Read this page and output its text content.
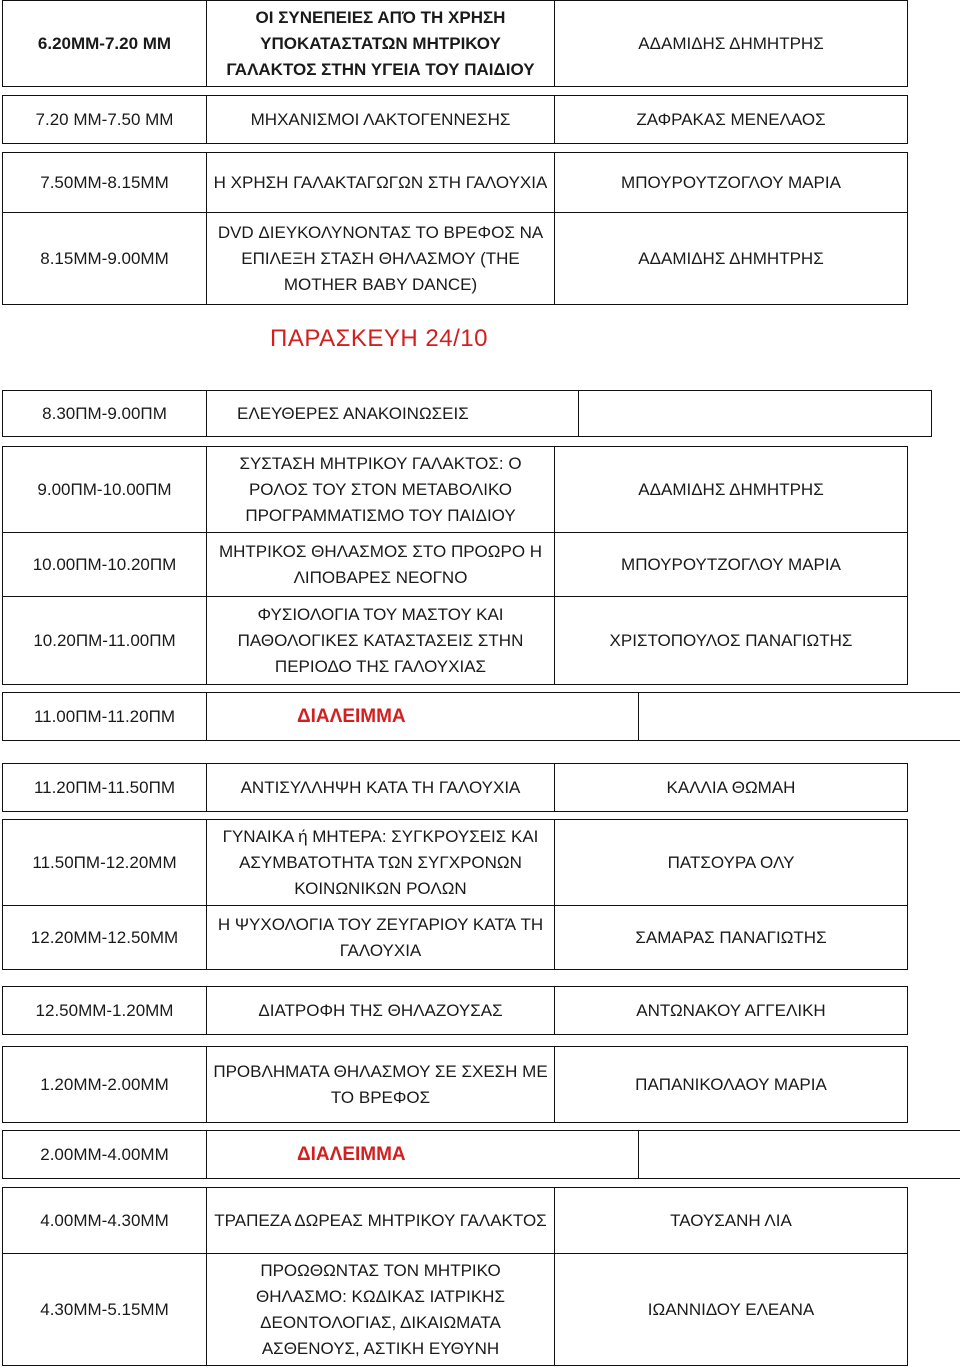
6.20ΜΜ-7.20 ΜΜ	ΟΙ ΣΥΝΕΠΕΙΕΣ ΑΠΌ ΤΗ ΧΡΗΣΗ ΥΠΟΚΑΤΑΣΤΑΤΩΝ ΜΗΤΡΙΚΟΥ ΓΑΛΑΚΤΟΣ ΣΤΗΝ ΥΓΕΙΑ ΤΟΥ ΠΑΙΔΙΟΥ	ΑΔΑΜΙΔΗΣ ΔΗΜΗΤΡΗΣ
7.20 ΜΜ-7.50 ΜΜ	ΜΗΧΑΝΙΣΜΟΙ ΛΑΚΤΟΓΕΝΝΕΣΗΣ	ΖΑΦΡΑΚΑΣ ΜΕΝΕΛΑΟΣ
7.50ΜΜ-8.15ΜΜ	Η ΧΡΗΣΗ ΓΑΛΑΚΤΑΓΩΓΩΝ ΣΤΗ ΓΑΛΟΥΧΙΑ	ΜΠΟΥΡΟΥΤΖΟΓΛΟΥ ΜΑΡΙΑ
8.15ΜΜ-9.00ΜΜ	DVD ΔΙΕΥΚΟΛΥΝΟΝΤΑΣ ΤΟ ΒΡΕΦΟΣ ΝΑ ΕΠΙΛΕΞΗ ΣΤΑΣΗ ΘΗΛΑΣΜΟΥ (THE MOTHER BABY DANCE)	ΑΔΑΜΙΔΗΣ ΔΗΜΗΤΡΗΣ
ΠΑΡΑΣΚΕΥΗ 24/10
8.30ΠΜ-9.00ΠΜ	ΕΛΕΥΘΕΡΕΣ ΑΝΑΚΟΙΝΩΣΕΙΣ	
9.00ΠΜ-10.00ΠΜ	ΣΥΣΤΑΣΗ ΜΗΤΡΙΚΟΥ ΓΑΛΑΚΤΟΣ: Ο ΡΟΛΟΣ ΤΟΥ ΣΤΟΝ ΜΕΤΑΒΟΛΙΚΟ ΠΡΟΓΡΑΜΜΑΤΙΣΜΟ ΤΟΥ ΠΑΙΔΙΟΥ	ΑΔΑΜΙΔΗΣ ΔΗΜΗΤΡΗΣ
10.00ΠΜ-10.20ΠΜ	ΜΗΤΡΙΚΟΣ ΘΗΛΑΣΜΟΣ ΣΤΟ ΠΡΟΩΡΟ Η ΛΙΠΟΒΑΡΕΣ ΝΕΟΓΝΟ	ΜΠΟΥΡΟΥΤΖΟΓΛΟΥ ΜΑΡΙΑ
10.20ΠΜ-11.00ΠΜ	ΦΥΣΙΟΛΟΓΙΑ ΤΟΥ ΜΑΣΤΟΥ ΚΑΙ ΠΑΘΟΛΟΓΙΚΕΣ ΚΑΤΑΣΤΑΣΕΙΣ ΣΤΗΝ ΠΕΡΙΟΔΟ ΤΗΣ ΓΑΛΟΥΧΙΑΣ	ΧΡΙΣΤΟΠΟΥΛΟΣ ΠΑΝΑΓΙΩΤΗΣ
11.00ΠΜ-11.20ΠΜ	ΔΙΑΛΕΙΜΜΑ	
11.20ΠΜ-11.50ΠΜ	ΑΝΤΙΣΥΛΛΗΨΗ ΚΑΤΑ ΤΗ ΓΑΛΟΥΧΙΑ	ΚΑΛΛΙΑ ΘΩΜΑΗ
11.50ΠΜ-12.20ΜΜ	ΓΥΝΑΙΚΑ ή ΜΗΤΕΡΑ: ΣΥΓΚΡΟΥΣΕΙΣ ΚΑΙ ΑΣΥΜΒΑΤΟΤΗΤΑ ΤΩΝ ΣΥΓΧΡΟΝΩΝ ΚΟΙΝΩΝΙΚΩΝ ΡΟΛΩΝ	ΠΑΤΣΟΥΡΑ ΟΛΥ
12.20ΜΜ-12.50ΜΜ	Η ΨΥΧΟΛΟΓΙΑ ΤΟΥ ΖΕΥΓΑΡΙΟΥ ΚΑΤΆ ΤΗ ΓΑΛΟΥΧΙΑ	ΣΑΜΑΡΑΣ ΠΑΝΑΓΙΩΤΗΣ
12.50ΜΜ-1.20ΜΜ	ΔΙΑΤΡΟΦΗ ΤΗΣ ΘΗΛΑΖΟΥΣΑΣ	ΑΝΤΩΝΑΚΟΥ ΑΓΓΕΛΙΚΗ
1.20ΜΜ-2.00ΜΜ	ΠΡΟΒΛΗΜΑΤΑ ΘΗΛΑΣΜΟΥ ΣΕ ΣΧΕΣΗ ΜΕ ΤΟ ΒΡΕΦΟΣ	ΠΑΠΑΝΙΚΟΛΑΟΥ ΜΑΡΙΑ
2.00ΜΜ-4.00ΜΜ	ΔΙΑΛΕΙΜΜΑ	
4.00ΜΜ-4.30ΜΜ	ΤΡΑΠΕΖΑ ΔΩΡΕΑΣ ΜΗΤΡΙΚΟΥ ΓΑΛΑΚΤΟΣ	ΤΑΟΥΣΑΝΗ ΛΙΑ
4.30ΜΜ-5.15ΜΜ	ΠΡΟΩΘΩΝΤΑΣ ΤΟΝ ΜΗΤΡΙΚΟ ΘΗΛΑΣΜΟ: ΚΩΔΙΚΑΣ ΙΑΤΡΙΚΗΣ ΔΕΟΝΤΟΛΟΓΙΑΣ, ΔΙΚΑΙΩΜΑΤΑ ΑΣΘΕΝΟΥΣ, ΑΣΤΙΚΗ ΕΥΘΥΝΗ	ΙΩΑΝΝΙΔΟΥ ΕΛΕΑΝΑ
